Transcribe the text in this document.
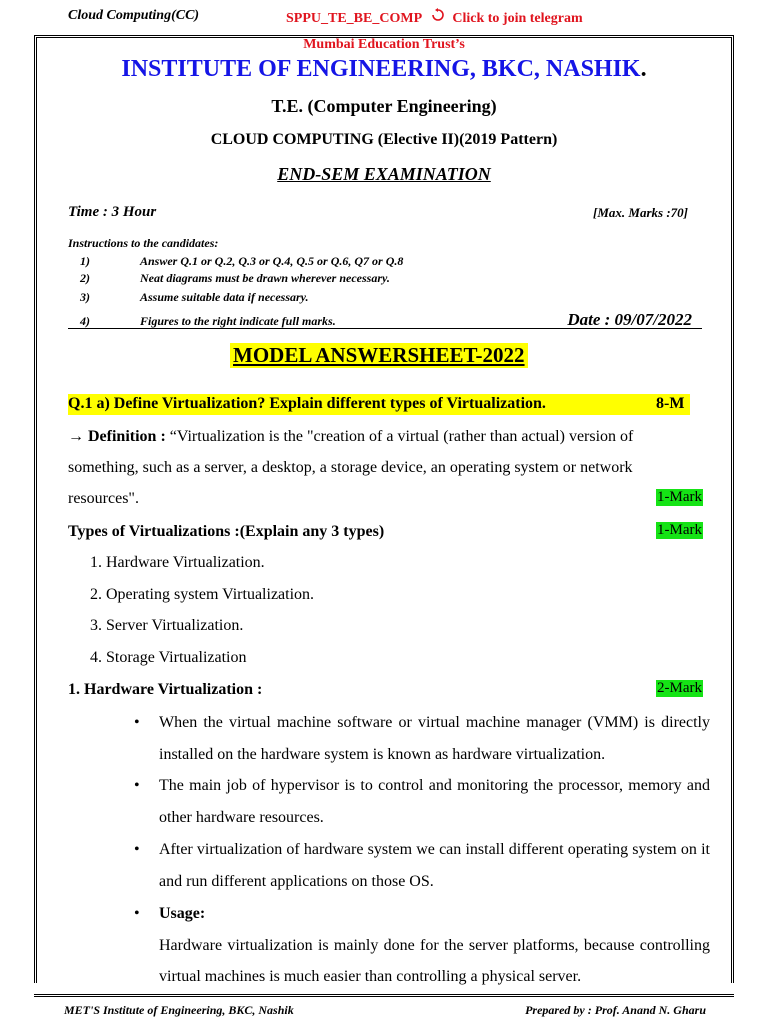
Cloud Computing(CC)	SPPU_TE_BE_COMP Click to join telegram
Mumbai Education Trust’s
INSTITUTE OF ENGINEERING, BKC, NASHIK.
T.E. (Computer Engineering)
CLOUD COMPUTING (Elective II)(2019 Pattern)
END-SEM EXAMINATION
Time : 3 Hour	[Max. Marks :70]
Instructions to the candidates:
1)	Answer Q.1 or Q.2, Q.3 or Q.4, Q.5 or Q.6, Q7 or Q.8
2)	Neat diagrams must be drawn wherever necessary.
3)	Assume suitable data if necessary.
4)	Figures to the right indicate full marks.	Date : 09/07/2022
MODEL ANSWERSHEET-2022
Q.1 a) Define Virtualization? Explain different types of Virtualization.	8-M
→ Definition : “Virtualization is the "creation of a virtual (rather than actual) version of
something, such as a server, a desktop, a storage device, an operating system or network
resources".	1-Mark
Types of Virtualizations :(Explain any 3 types)	1-Mark
1. Hardware Virtualization.
2. Operating system Virtualization.
3. Server Virtualization.
4. Storage Virtualization
1. Hardware Virtualization :	2-Mark
• When the virtual machine software or virtual machine manager (VMM) is directly installed on the hardware system is known as hardware virtualization.
• The main job of hypervisor is to control and monitoring the processor, memory and other hardware resources.
• After virtualization of hardware system we can install different operating system on it and run different applications on those OS.
• Usage:
Hardware virtualization is mainly done for the server platforms, because controlling virtual machines is much easier than controlling a physical server.
MET'S Institute of Engineering, BKC, Nashik	Prepared by : Prof. Anand N. Gharu
